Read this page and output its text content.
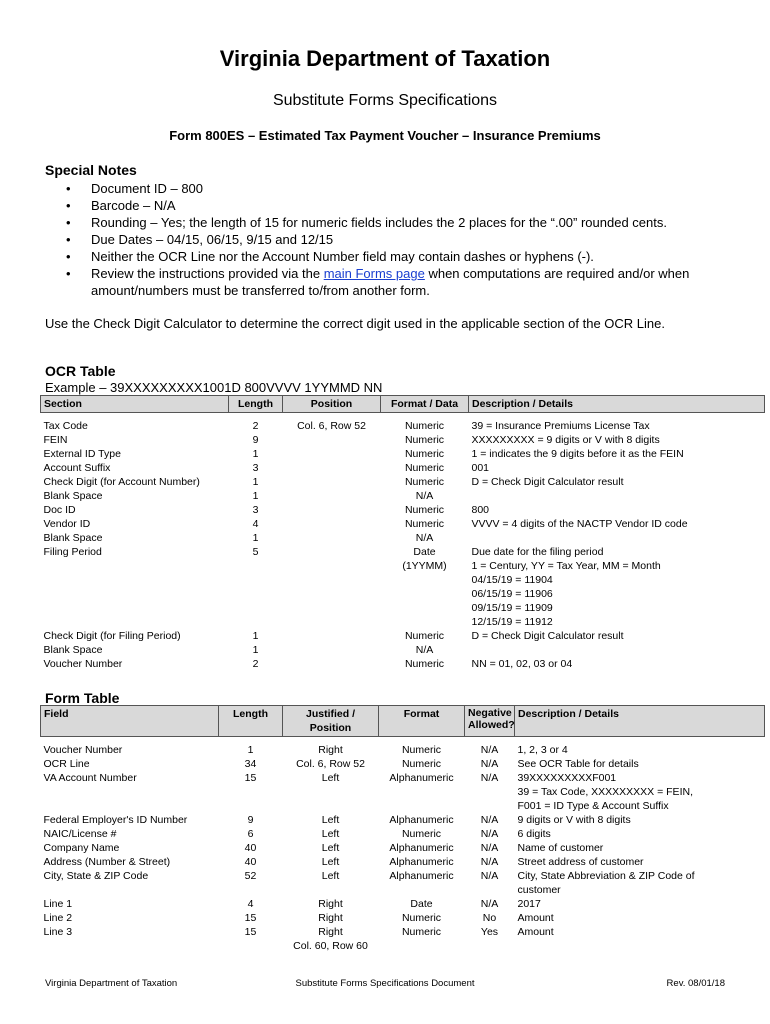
Virginia Department of Taxation
Substitute Forms Specifications
Form 800ES – Estimated Tax Payment Voucher – Insurance Premiums
Special Notes
• Document ID – 800
• Barcode – N/A
• Rounding – Yes; the length of 15 for numeric fields includes the 2 places for the “.00” rounded cents.
• Due Dates – 04/15, 06/15, 9/15 and 12/15
• Neither the OCR Line nor the Account Number field may contain dashes or hyphens (-).
• Review the instructions provided via the main Forms page when computations are required and/or when amount/numbers must be transferred to/from another form.
Use the Check Digit Calculator to determine the correct digit used in the applicable section of the OCR Line.
OCR Table
Example – 39XXXXXXXXX1001D 800VVVV 1YYMMD NN
Section	Length	Position	Format / Data	Description / Details
Tax Code	2	Col. 6, Row 52	Numeric	39 = Insurance Premiums License Tax
FEIN	9		Numeric	XXXXXXXXX = 9 digits or V with 8 digits
External ID Type	1		Numeric	1 = indicates the 9 digits before it as the FEIN
Account Suffix	3		Numeric	001
Check Digit (for Account Number)	1		Numeric	D = Check Digit Calculator result
Blank Space	1		N/A	
Doc ID	3		Numeric	800
Vendor ID	4		Numeric	VVVV = 4 digits of the NACTP Vendor ID code
Blank Space	1		N/A	
Filing Period	5		Date	Due date for the filing period
			(1YYMM)	1 = Century, YY = Tax Year, MM = Month
				04/15/19 = 11904
				06/15/19 = 11906
				09/15/19 = 11909
				12/15/19 = 11912
Check Digit (for Filing Period)	1		Numeric	D = Check Digit Calculator result
Blank Space	1		N/A	
Voucher Number	2		Numeric	NN = 01, 02, 03 or 04
Form Table
Field	Length	Justified / Position	Format	Negative Allowed?	Description / Details
Voucher Number	1	Right	Numeric	N/A	1, 2, 3 or 4
OCR Line	34	Col. 6, Row 52	Numeric	N/A	See OCR Table for details
VA Account Number	15	Left	Alphanumeric	N/A	39XXXXXXXXXF001
					39 = Tax Code, XXXXXXXXX = FEIN,
					F001 = ID Type & Account Suffix
Federal Employer's ID Number	9	Left	Alphanumeric	N/A	9 digits or V with 8 digits
NAIC/License #	6	Left	Numeric	N/A	6 digits
Company Name	40	Left	Alphanumeric	N/A	Name of customer
Address (Number & Street)	40	Left	Alphanumeric	N/A	Street address of customer
City, State & ZIP Code	52	Left	Alphanumeric	N/A	City, State Abbreviation & ZIP Code of
					customer

Line 1	4	Right	Date	N/A	2017
Line 2	15	Right	Numeric	No	Amount
Line 3	15	Right	Numeric	Yes	Amount
		Col. 60, Row 60			
Virginia Department of Taxation	Substitute Forms Specifications Document	Rev. 08/01/18
